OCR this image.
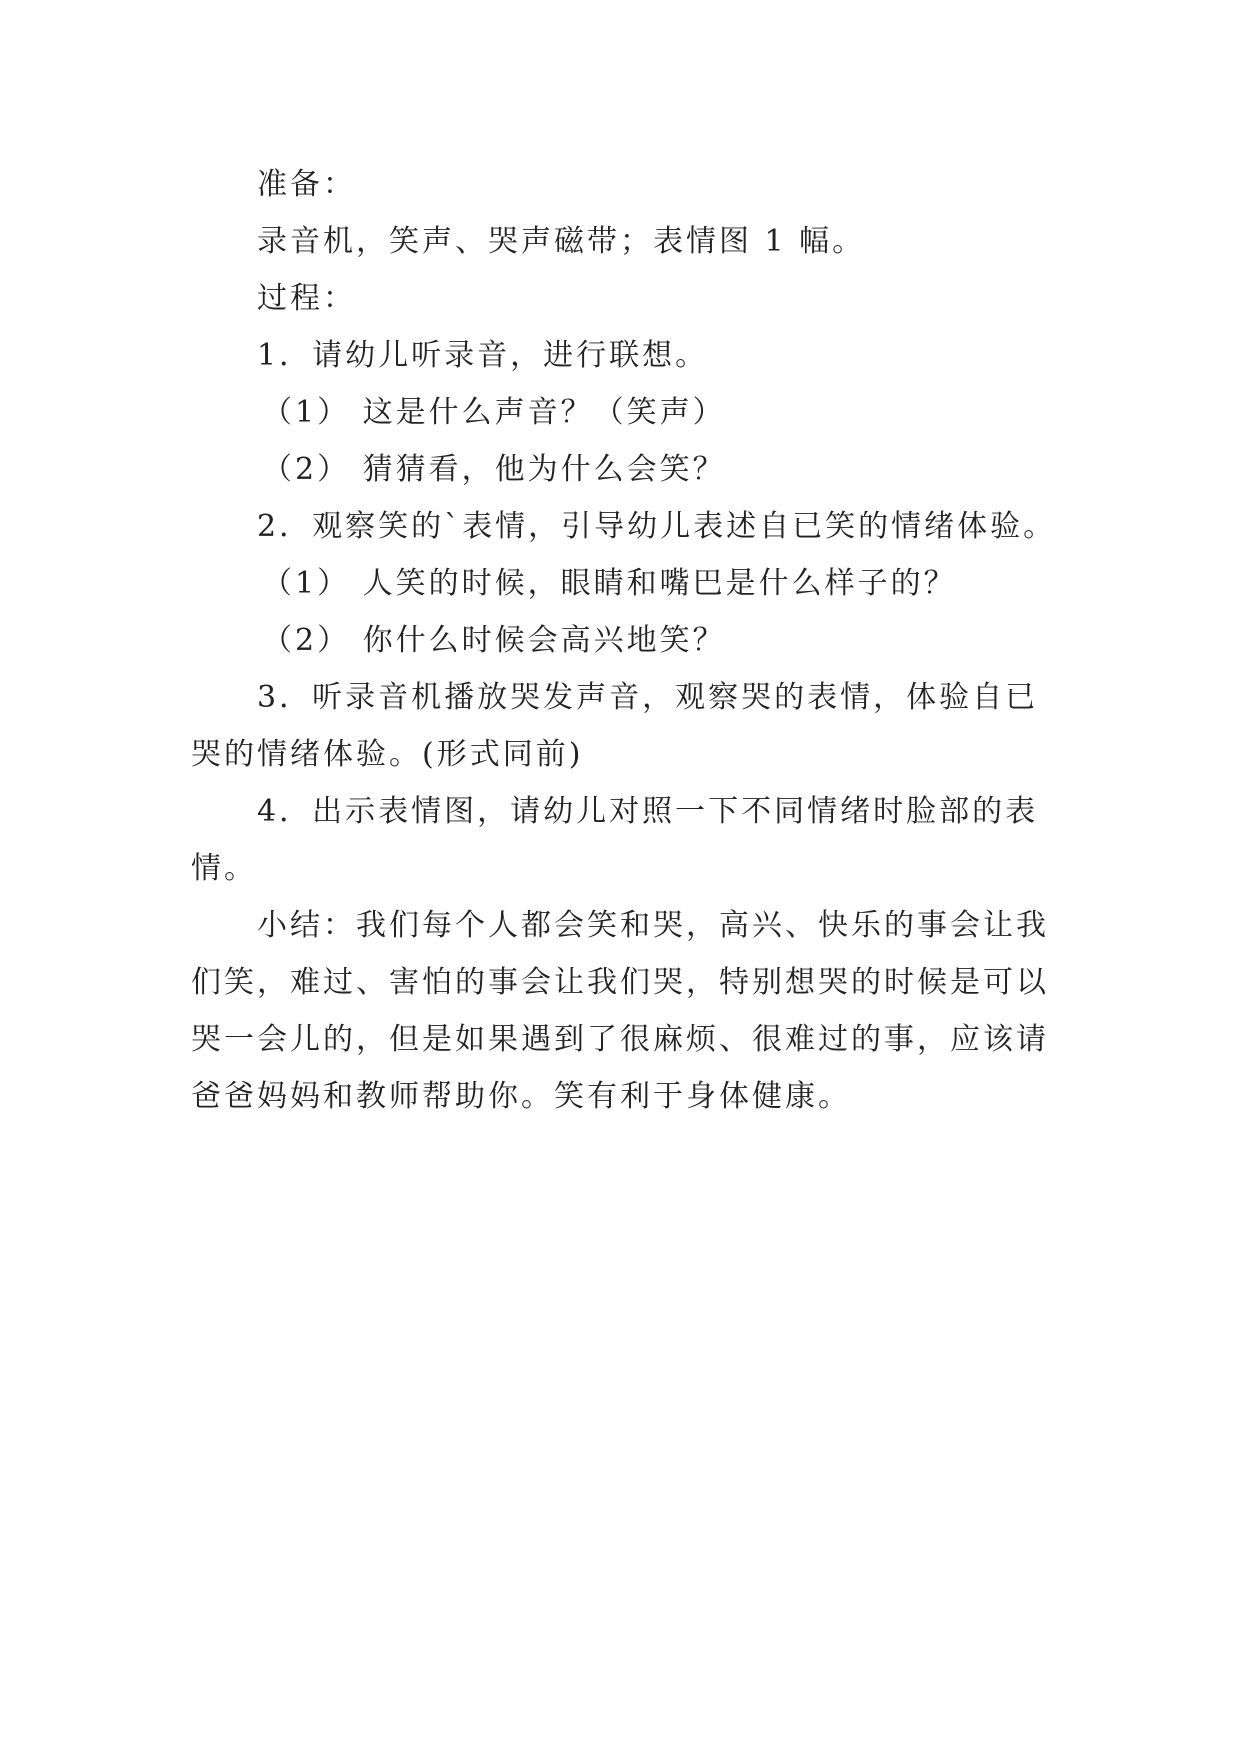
准备：

录音机，笑声、哭声磁带；表情图 1 幅。

过程：

1．请幼儿听录音，进行联想。

（1） 这是什么声音？（笑声）

（2） 猜猜看，他为什么会笑？

2．观察笑的`表情，引导幼儿表述自已笑的情绪体验。

（1） 人笑的时候，眼睛和嘴巴是什么样子的？

（2） 你什么时候会高兴地笑？

3．听录音机播放哭发声音，观察哭的表情，体验自已

哭的情绪体验。(形式同前)

4．出示表情图，请幼儿对照一下不同情绪时脸部的表

情。

小结：我们每个人都会笑和哭，高兴、快乐的事会让我

们笑，难过、害怕的事会让我们哭，特别想哭的时候是可以

哭一会儿的，但是如果遇到了很麻烦、很难过的事，应该请

爸爸妈妈和教师帮助你。笑有利于身体健康。
